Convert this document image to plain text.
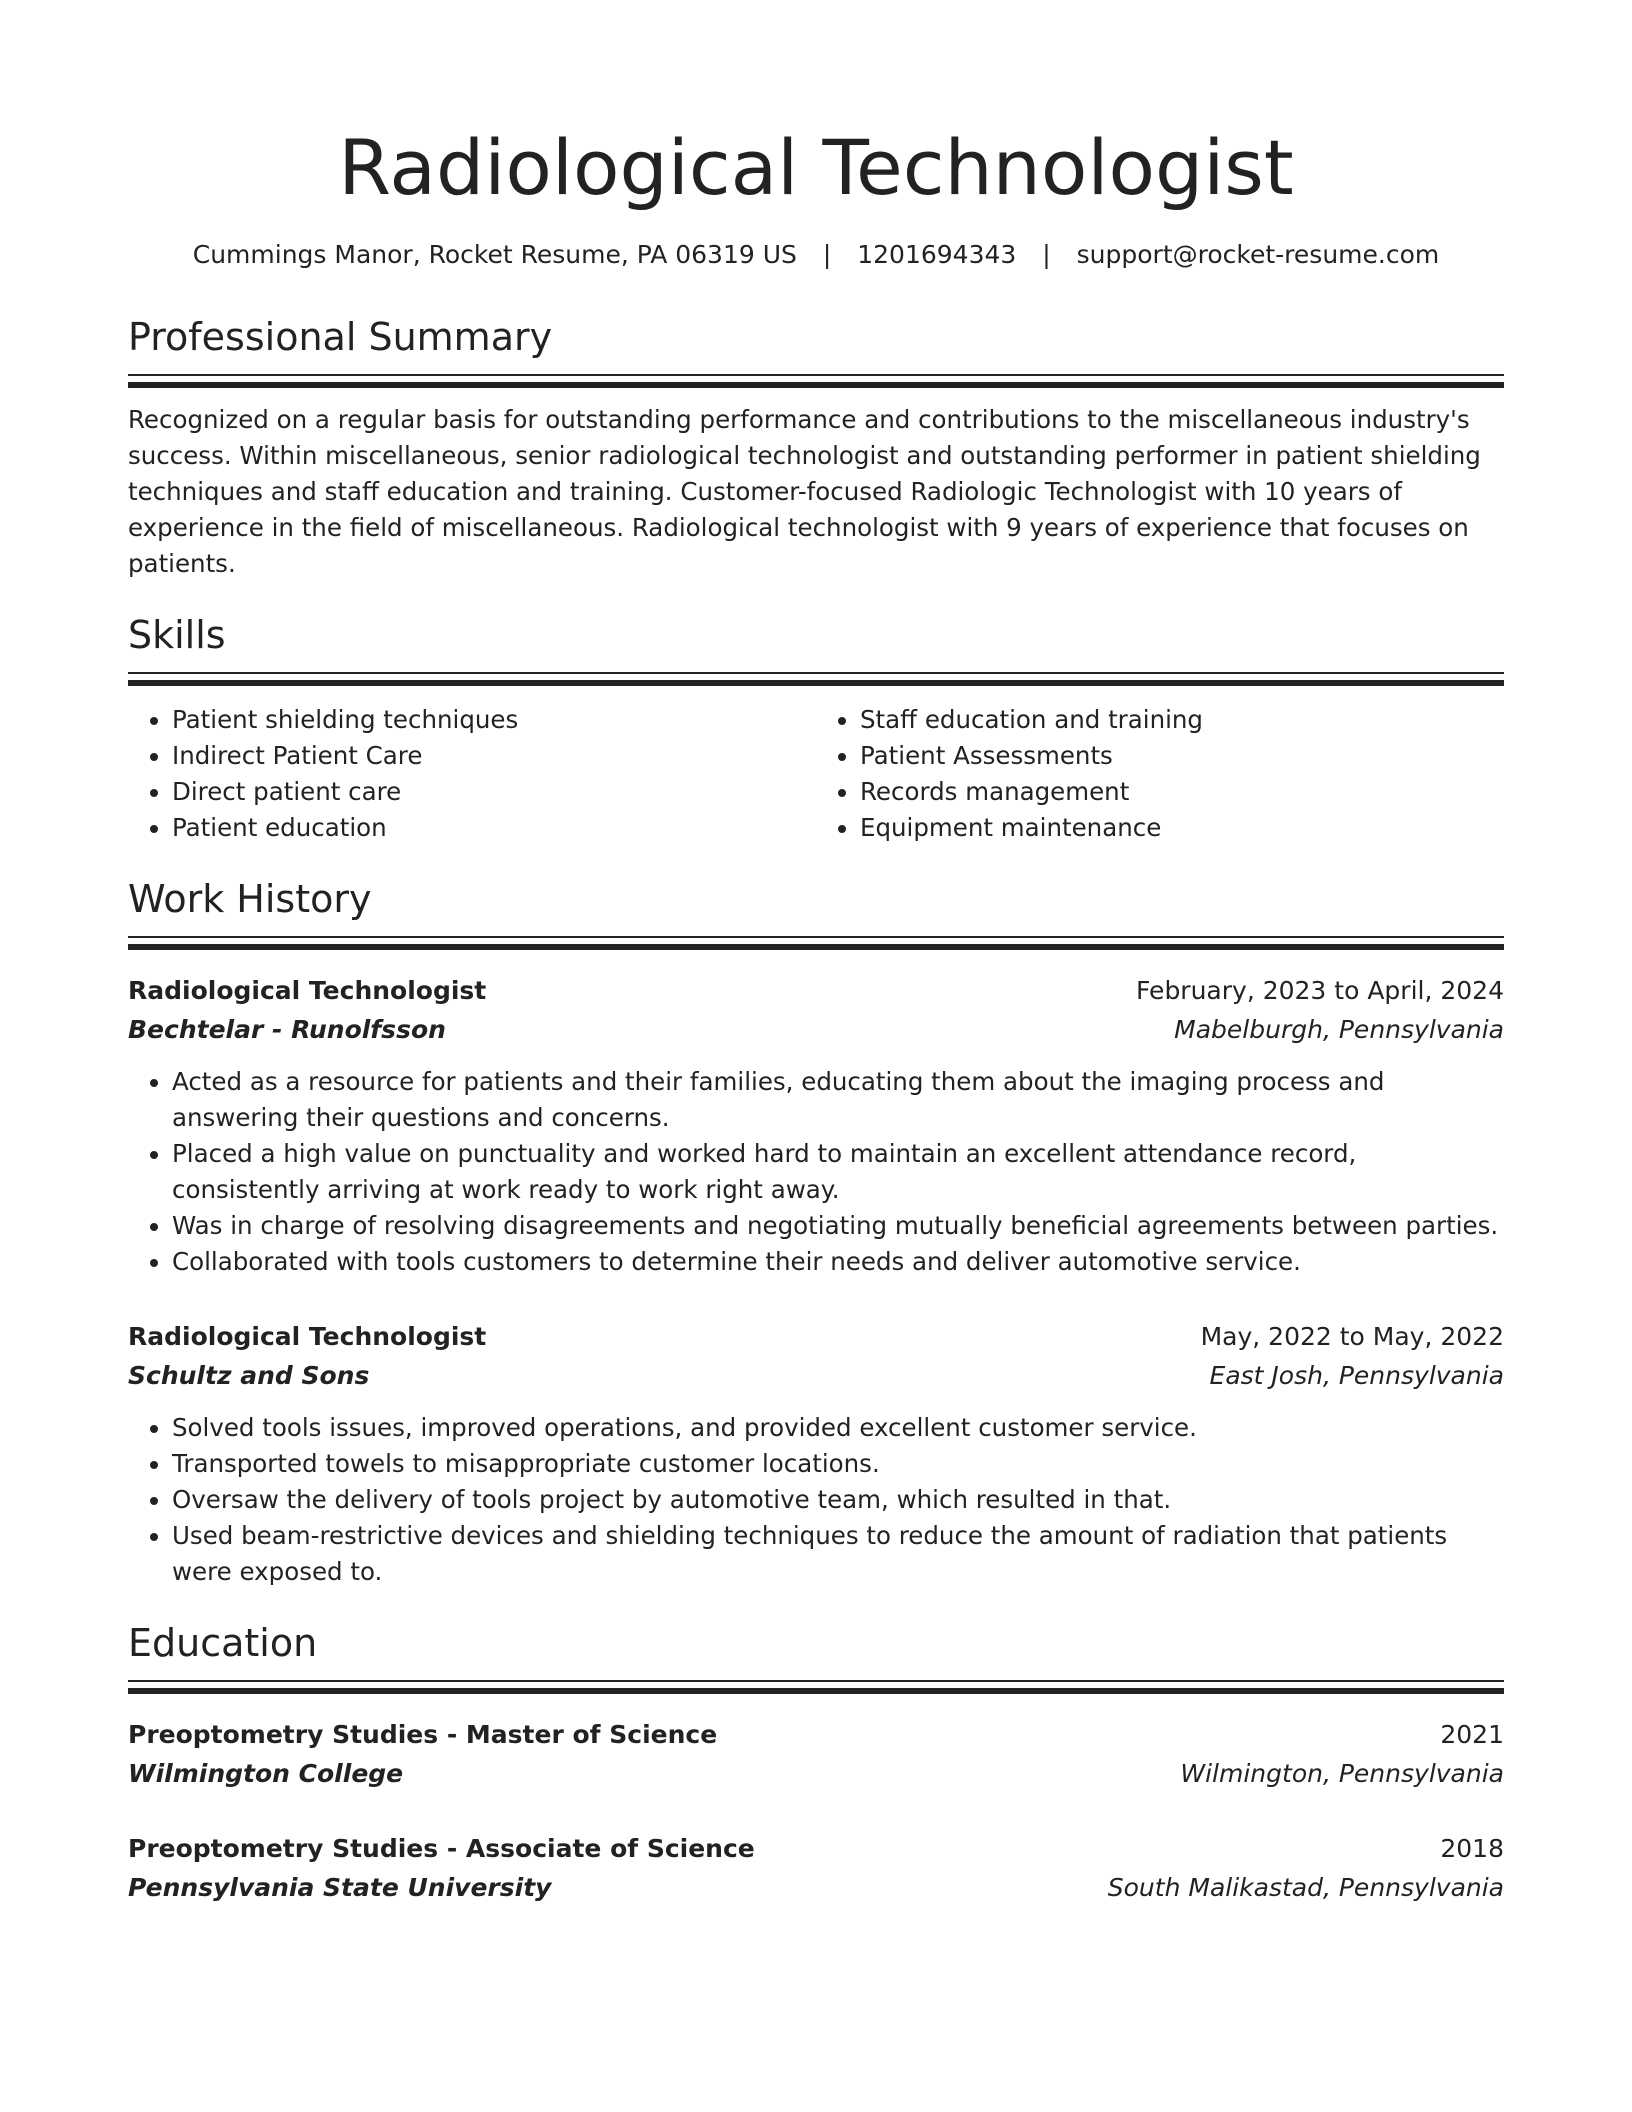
Radiological Technologist
Cummings Manor, Rocket Resume, PA 06319 US | 1201694343 | support@rocket-resume.com
Professional Summary

Recognized on a regular basis for outstanding performance and contributions to the miscellaneous industry's success. Within miscellaneous, senior radiological technologist and outstanding performer in patient shielding techniques and staff education and training. Customer-focused Radiologic Technologist with 10 years of experience in the field of miscellaneous. Radiological technologist with 9 years of experience that focuses on patients.

Skills
• Patient shielding techniques
• Indirect Patient Care
• Direct patient care
• Patient education
• Staff education and training
• Patient Assessments
• Records management
• Equipment maintenance
Work History
Radiological Technologist	February, 2023 to April, 2024
Bechtelar - Runolfsson	Mabelburgh, Pennsylvania
• Acted as a resource for patients and their families, educating them about the imaging process and answering their questions and concerns.
• Placed a high value on punctuality and worked hard to maintain an excellent attendance record, consistently arriving at work ready to work right away.
• Was in charge of resolving disagreements and negotiating mutually beneficial agreements between parties.
• Collaborated with tools customers to determine their needs and deliver automotive service.
Radiological Technologist	May, 2022 to May, 2022
Schultz and Sons	East Josh, Pennsylvania
• Solved tools issues, improved operations, and provided excellent customer service.
• Transported towels to misappropriate customer locations.
• Oversaw the delivery of tools project by automotive team, which resulted in that.
• Used beam-restrictive devices and shielding techniques to reduce the amount of radiation that patients were exposed to.
Education
Preoptometry Studies - Master of Science	2021
Wilmington College	Wilmington, Pennsylvania
Preoptometry Studies - Associate of Science	2018
Pennsylvania State University	South Malikastad, Pennsylvania
